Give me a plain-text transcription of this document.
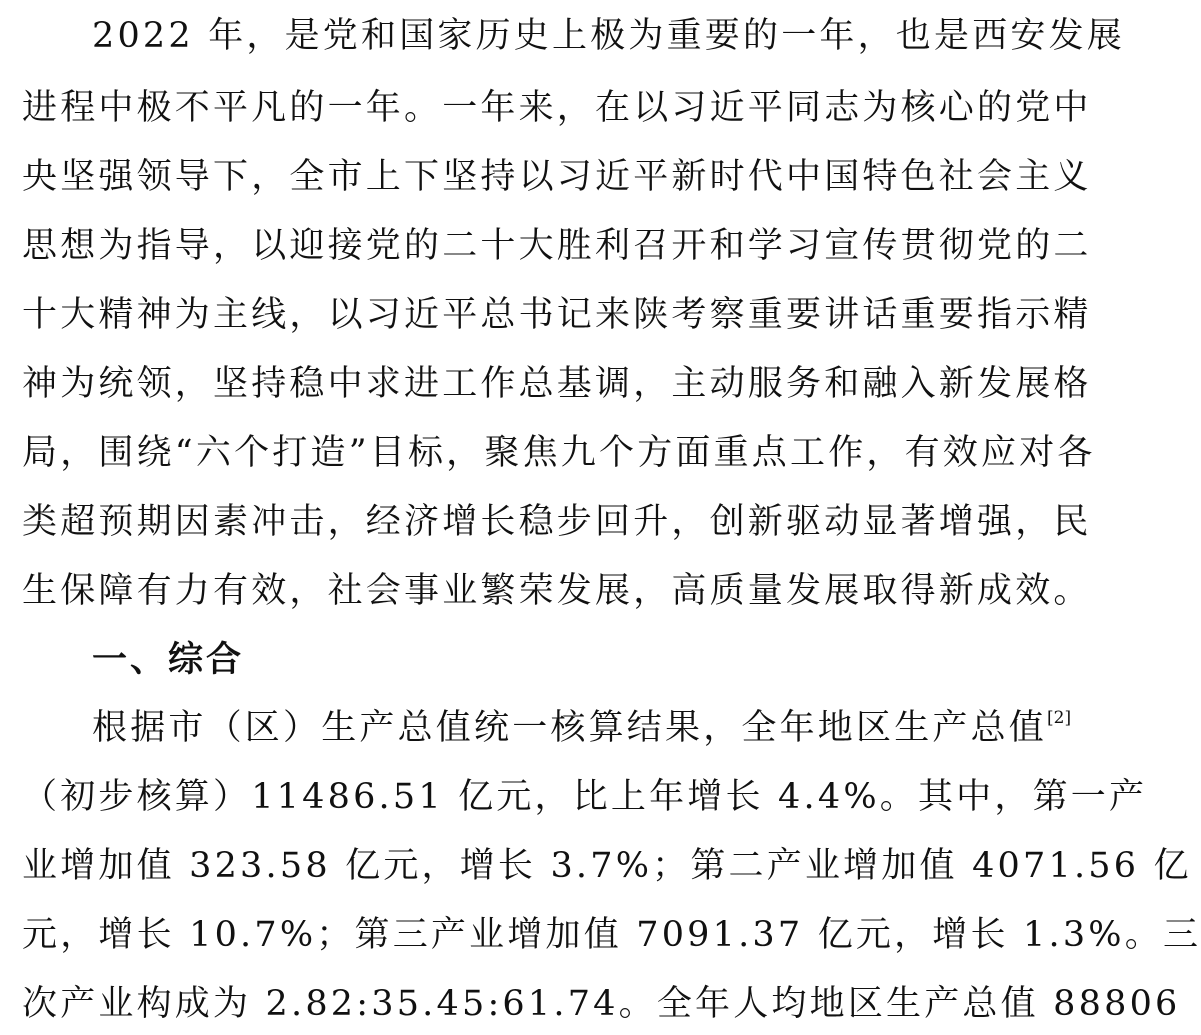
2022 年，是党和国家历史上极为重要的一年，也是西安发展
进程中极不平凡的一年。一年来，在以习近平同志为核心的党中
央坚强领导下，全市上下坚持以习近平新时代中国特色社会主义
思想为指导，以迎接党的二十大胜利召开和学习宣传贯彻党的二
十大精神为主线，以习近平总书记来陕考察重要讲话重要指示精
神为统领，坚持稳中求进工作总基调，主动服务和融入新发展格
局，围绕“六个打造”目标，聚焦九个方面重点工作，有效应对各
类超预期因素冲击，经济增长稳步回升，创新驱动显著增强，民
生保障有力有效，社会事业繁荣发展，高质量发展取得新成效。
一、综合
根据市（区）生产总值统一核算结果，全年地区生产总值[2]
（初步核算）11486.51 亿元，比上年增长 4.4%。其中，第一产
业增加值 323.58 亿元，增长 3.7%；第二产业增加值 4071.56 亿
元，增长 10.7%；第三产业增加值 7091.37 亿元，增长 1.3%。三
次产业构成为 2.82:35.45:61.74。全年人均地区生产总值 88806
